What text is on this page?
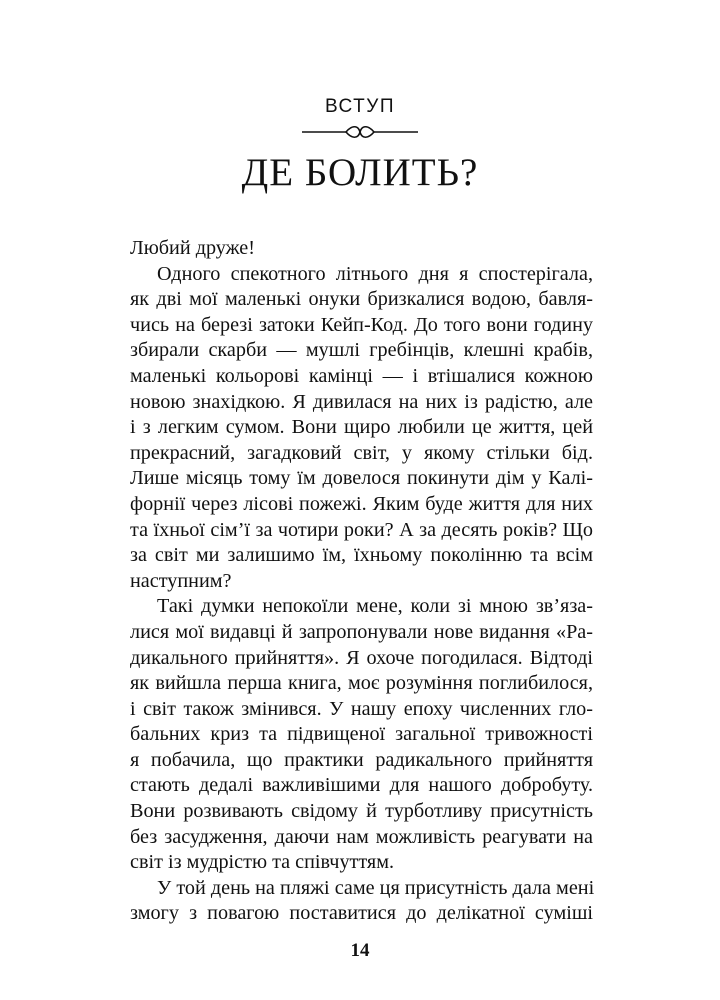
ВСТУП
ДЕ БОЛИТЬ?
Любий друже!
Одного спекотного літнього дня я спостерігала,
як дві мої маленькі онуки бризкалися водою, бавля-
чись на березі затоки Кейп-Код. До того вони годину
збирали скарби — мушлі гребінців, клешні крабів,
маленькі кольорові камінці — і втішалися кожною
новою знахідкою. Я дивилася на них із радістю, але
і з легким сумом. Вони щиро любили це життя, цей
прекрасний, загадковий світ, у якому стільки бід.
Лише місяць тому їм довелося покинути дім у Калі-
форнії через лісові пожежі. Яким буде життя для них
та їхньої сім’ї за чотири роки? А за десять років? Що
за світ ми залишимо їм, їхньому поколінню та всім
наступним?
Такі думки непокоїли мене, коли зі мною зв’яза-
лися мої видавці й запропонували нове видання «Ра-
дикального прийняття». Я охоче погодилася. Відтоді
як вийшла перша книга, моє розуміння поглибилося,
і світ також змінився. У нашу епоху численних гло-
бальних криз та підвищеної загальної тривожності
я побачила, що практики радикального прийняття
стають дедалі важливішими для нашого добробуту.
Вони розвивають свідому й турботливу присутність
без засудження, даючи нам можливість реагувати на
світ із мудрістю та співчуттям.
У той день на пляжі саме ця присутність дала мені
змогу з повагою поставитися до делікатної суміші
14
